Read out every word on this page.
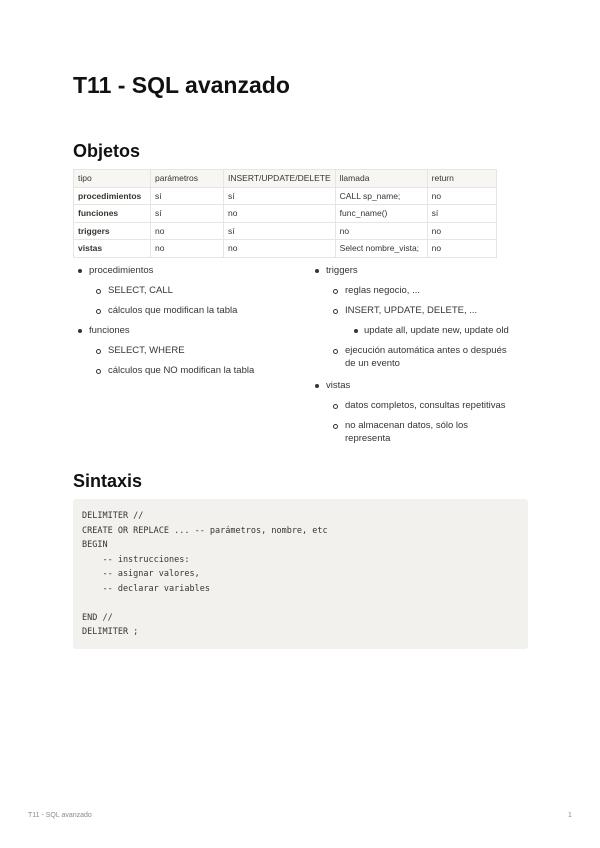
T11 - SQL avanzado
Objetos
tipo	parámetros	INSERT/UPDATE/DELETE	llamada	return
procedimientos	sí	sí	CALL sp_name;	no
funciones	sí	no	func_name()	sí
triggers	no	sí	no	no
vistas	no	no	Select nombre_vista;	no
procedimientos
SELECT, CALL
cálculos que modifican la tabla
funciones
SELECT, WHERE
cálculos que NO modifican la tabla
triggers
reglas negocio, ...
INSERT, UPDATE, DELETE, ...
update all, update new, update old
ejecución automática antes o después
de un evento
vistas
datos completos, consultas repetitivas
no almacenan datos, sólo los
representa
Sintaxis
DELIMITER //
CREATE OR REPLACE ... -- parámetros, nombre, etc
BEGIN
-- instrucciones:
-- asignar valores,
-- declarar variables
END //
DELIMITER ;
T11 - SQL avanzado	1
